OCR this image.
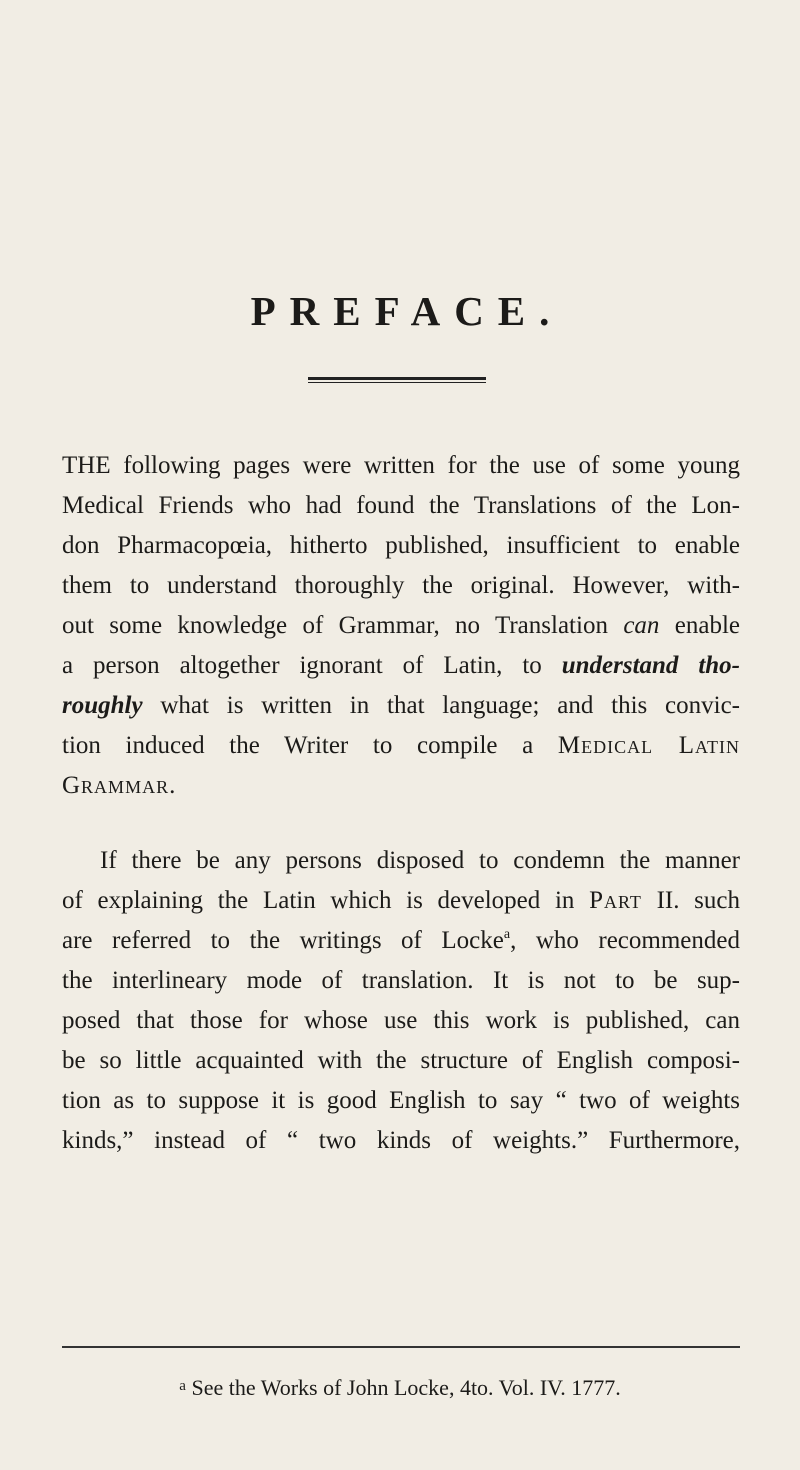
PREFACE.
THE following pages were written for the use of some young
Medical Friends who had found the Translations of the Lon-
don Pharmacopœia, hitherto published, insufficient to enable
them to understand thoroughly the original. However, with-
out some knowledge of Grammar, no Translation can enable
a person altogether ignorant of Latin, to understand tho-
roughly what is written in that language; and this convic-
tion induced the Writer to compile a Medical Latin
Grammar.
If there be any persons disposed to condemn the manner
of explaining the Latin which is developed in Part II. such
are referred to the writings of Locke$^a$, who recommended
the interlineary mode of translation. It is not to be sup-
posed that those for whose use this work is published, can
be so little acquainted with the structure of English composi-
tion as to suppose it is good English to say “ two of weights
kinds,” instead of “ two kinds of weights.” Furthermore,
$^a$ See the Works of John Locke, 4to. Vol. IV. 1777.
